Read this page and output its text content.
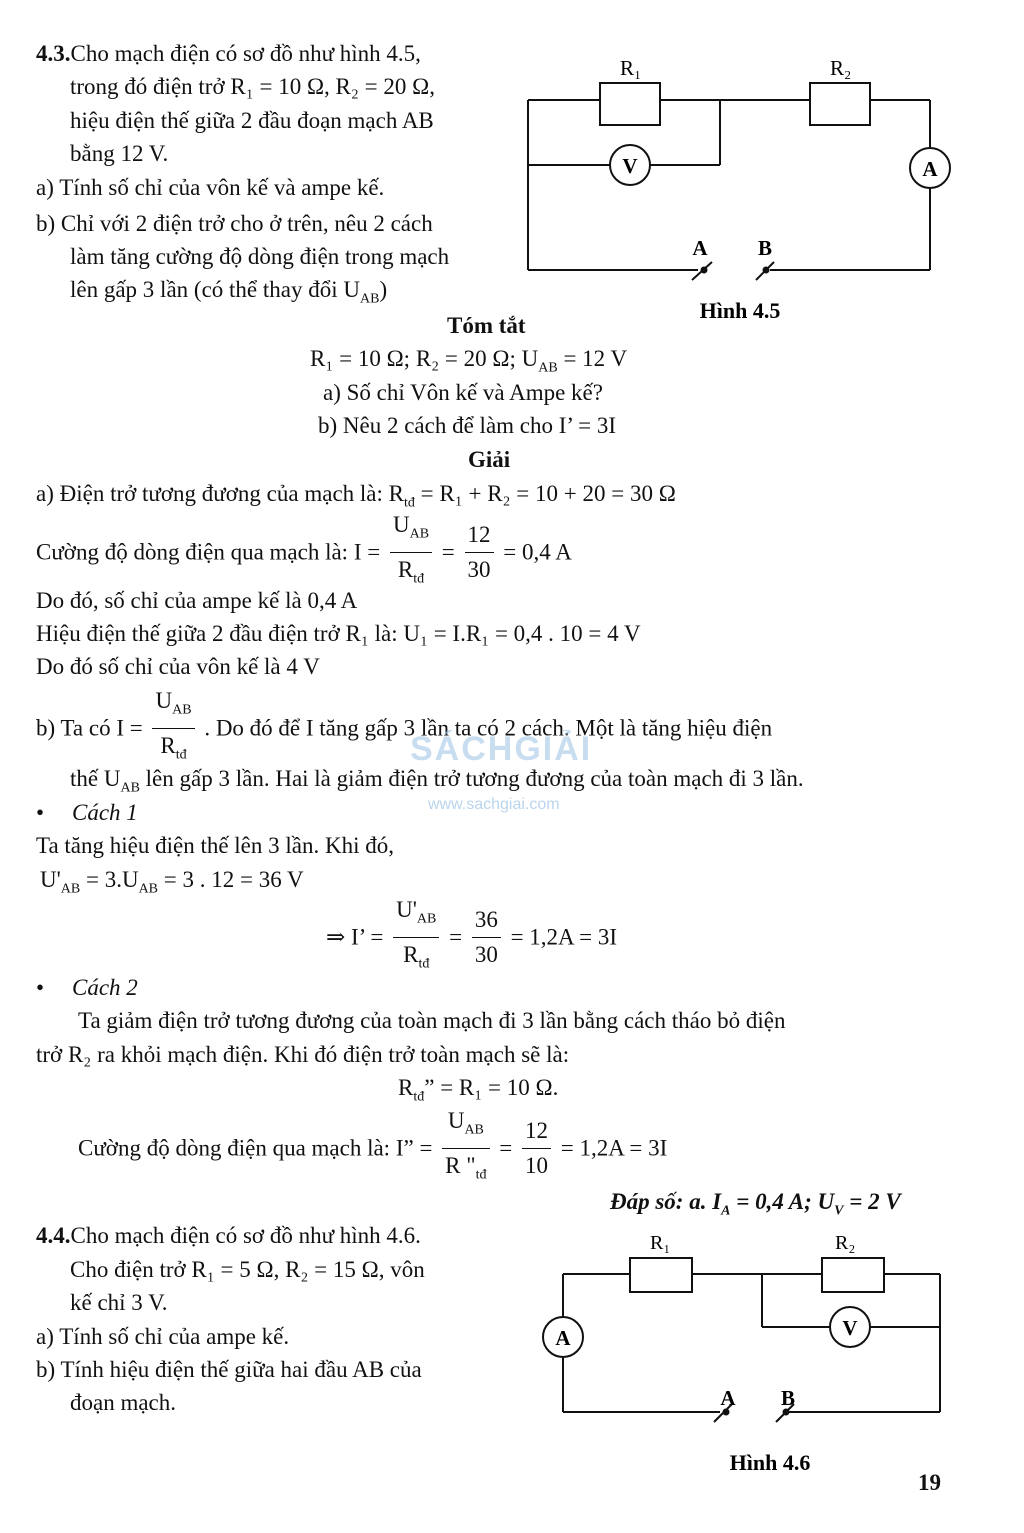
4.3.Cho mạch điện có sơ đồ như hình 4.5,
trong đó điện trở R₁ = 10 Ω, R₂ = 20 Ω,
hiệu điện thế giữa 2 đầu đoạn mạch AB
bằng 12 V.
a) Tính số chỉ của vôn kế và ampe kế.
b) Chỉ với 2 điện trở cho ở trên, nêu 2 cách
làm tăng cường độ dòng điện trong mạch
lên gấp 3 lần (có thể thay đổi $U_{AB}$)
R₁	R₂
V	A
A B
Hình 4.5
Tóm tắt
R₁ = 10 Ω; R₂ = 20 Ω; $U_{AB} = 12$ V
a) Số chỉ Vôn kế và Ampe kế?
b) Nêu 2 cách để làm cho I’ = 3I
Giải
a) Điện trở tương đương của mạch là: $R_{tđ} = R_1 + R_2 = 10 + 20 = 30$ Ω
Cường độ dòng điện qua mạch là: $I = \frac{U_{AB}}{R_{tđ}} = \frac{12}{30} = 0,4$ A
Do đó, số chỉ của ampe kế là 0,4 A
Hiệu điện thế giữa 2 đầu điện trở R₁ là: U₁ = I.R₁ = 0,4 . 10 = 4 V
Do đó số chỉ của vôn kế là 4 V
b) Ta có $I = \frac{U_{AB}}{R_{tđ}}$ . Do đó để I tăng gấp 3 lần ta có 2 cách. Một là tăng hiệu điện
thế $U_{AB}$ lên gấp 3 lần. Hai là giảm điện trở tương đương của toàn mạch đi 3 lần.
• Cách 1
Ta tăng hiệu điện thế lên 3 lần. Khi đó,
$U'_{AB} = 3.U_{AB} = 3$ . 12 = 36 V
⇒ I’ = $\frac{U'_{AB}}{R_{tđ}} = \frac{36}{30} = 1,2A = 3I$
• Cách 2
Ta giảm điện trở tương đương của toàn mạch đi 3 lần bằng cách tháo bỏ điện
trở R₂ ra khỏi mạch điện. Khi đó điện trở toàn mạch sẽ là:
$R_{tđ}$” = R₁ = 10 Ω.
Cường độ dòng điện qua mạch là: I” = $\frac{U_{AB}}{R "_{tđ}} = \frac{12}{10} = 1,2A = 3I$
Đáp số: a. $I_A = 0,4$ A; $U_V = 2$ V
4.4.Cho mạch điện có sơ đồ như hình 4.6.
Cho điện trở R₁ = 5 Ω, R₂ = 15 Ω, vôn
kế chỉ 3 V.
a) Tính số chỉ của ampe kế.
b) Tính hiệu điện thế giữa hai đầu AB của
đoạn mạch.
R₁	R₂
V
A
A B
Hình 4.6
SÁCHGIẢI
www.sachgiai.com
19
